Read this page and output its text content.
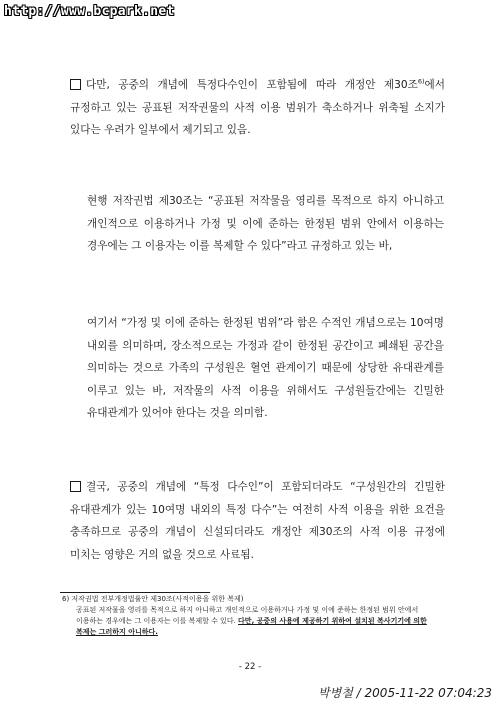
http://www.bcpark.net
다만, 공중의 개념에 특정다수인이 포함됨에 따라 개정안 제30조$^{6)}$에서 규정하고 있는 공표된 저작권물의 사적 이용 범위가 축소하거나 위축될 소지가 있다는 우려가 일부에서 제기되고 있음.
현행 저작권법 제30조는 “공표된 저작물을 영리를 목적으로 하지 아니하고 개인적으로 이용하거나 가정 및 이에 준하는 한정된 범위 안에서 이용하는 경우에는 그 이용자는 이를 복제할 수 있다”라고 규정하고 있는 바,
여기서 “가정 및 이에 준하는 한정된 범위”라 함은 수적인 개념으로는 10여명 내외를 의미하며, 장소적으로는 가정과 같이 한정된 공간이고 폐쇄된 공간을 의미하는 것으로 가족의 구성원은 혈연 관계이기 때문에 상당한 유대관계를 이루고 있는 바, 저작물의 사적 이용을 위해서도 구성원들간에는 긴밀한 유대관계가 있어야 한다는 것을 의미함.
결국, 공중의 개념에 “특정 다수인”이 포함되더라도 “구성원간의 긴밀한 유대관계가 있는 10여명 내외의 특정 다수”는 여전히 사적 이용을 위한 요건을 충족하므로 공중의 개념이 신설되더라도 개정안 제30조의 사적 이용 규정에 미치는 영향은 거의 없을 것으로 사료됨.
6) 저작권법 전부개정법률안 제30조(사적이용을 위한 복제)
공표된 저작물을 영리를 목적으로 하지 아니하고 개인적으로 이용하거나 가정 및 이에 준하는 한정된 범위 안에서 이용하는 경우에는 그 이용자는 이를 복제할 수 있다. 다만, 공중의 사용에 제공하기 위하여 설치된 복사기기에 의한 복제는 그러하지 아니하다.
- 22 -
박병철 / 2005-11-22 07:04:23
